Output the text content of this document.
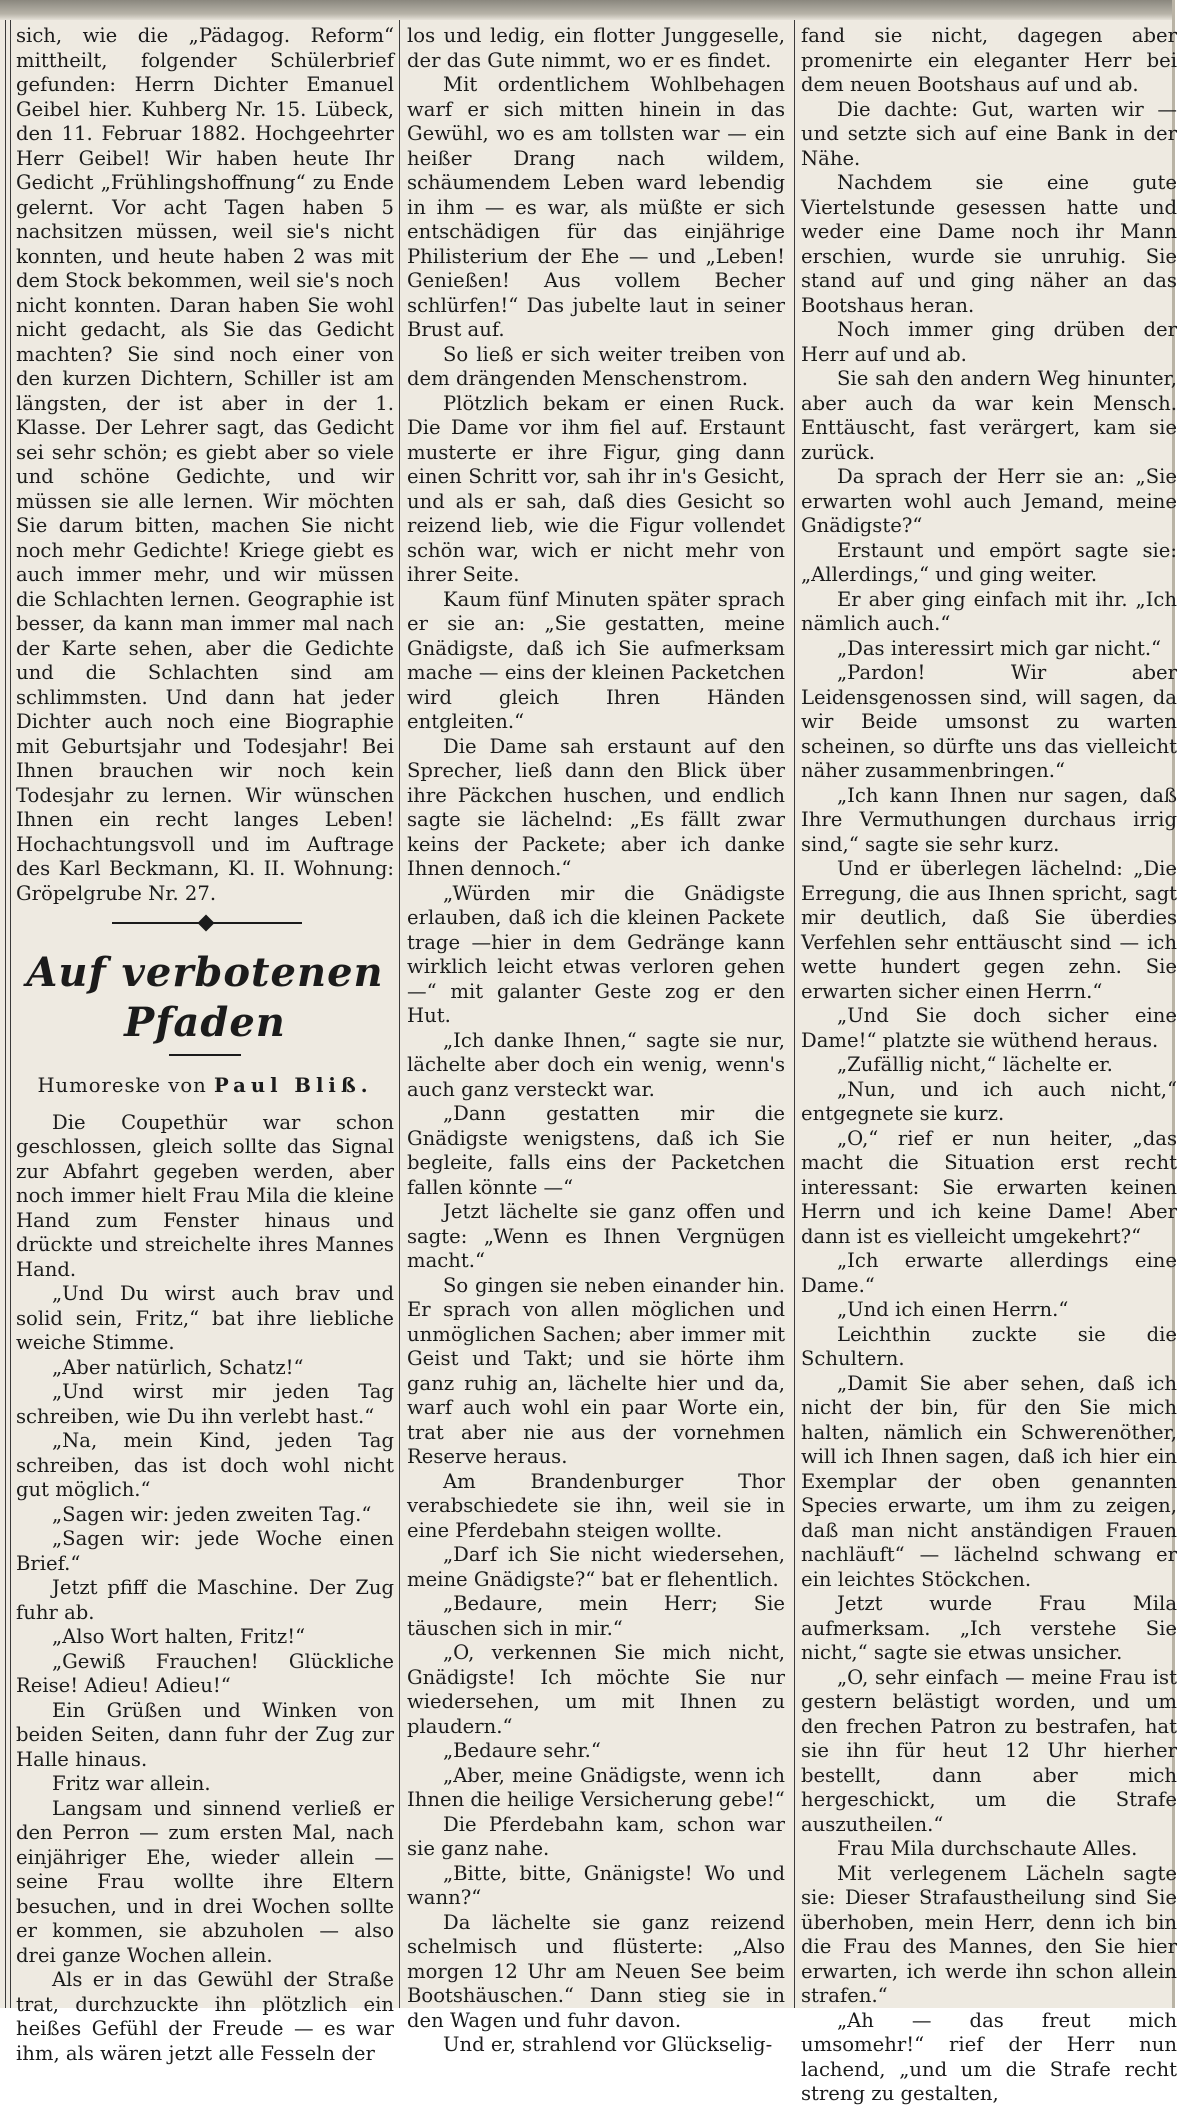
sich, wie die „Pädagog. Reform“ mittheilt, folgender Schülerbrief gefunden: Herrn Dichter Emanuel Geibel hier. Kuhberg Nr. 15. Lübeck, den 11. Februar 1882. Hochgeehrter Herr Geibel! Wir haben heute Ihr Gedicht „Frühlingshoffnung“ zu Ende gelernt. Vor acht Tagen haben 5 nachsitzen müssen, weil sie's nicht konnten, und heute haben 2 was mit dem Stock bekommen, weil sie's noch nicht konnten. Daran haben Sie wohl nicht gedacht, als Sie das Gedicht machten? Sie sind noch einer von den kurzen Dichtern, Schiller ist am längsten, der ist aber in der 1. Klasse. Der Lehrer sagt, das Gedicht sei sehr schön; es giebt aber so viele und schöne Gedichte, und wir müssen sie alle lernen. Wir möchten Sie darum bitten, machen Sie nicht noch mehr Gedichte! Kriege giebt es auch immer mehr, und wir müssen die Schlachten lernen. Geographie ist besser, da kann man immer mal nach der Karte sehen, aber die Gedichte und die Schlachten sind am schlimmsten. Und dann hat jeder Dichter auch noch eine Biographie mit Geburtsjahr und Todesjahr! Bei Ihnen brauchen wir noch kein Todesjahr zu lernen. Wir wünschen Ihnen ein recht langes Leben! Hochachtungsvoll und im Auftrage des Karl Beckmann, Kl. II. Wohnung: Gröpelgrube Nr. 27.

Auf verbotenen Pfaden
Humoreske von Paul Bliß.

Die Coupethür war schon geschlossen, gleich sollte das Signal zur Abfahrt gegeben werden, aber noch immer hielt Frau Mila die kleine Hand zum Fenster hinaus und drückte und streichelte ihres Mannes Hand.

„Und Du wirst auch brav und solid sein, Fritz,“ bat ihre liebliche weiche Stimme.

„Aber natürlich, Schatz!“

„Und wirst mir jeden Tag schreiben, wie Du ihn verlebt hast.“

„Na, mein Kind, jeden Tag schreiben, das ist doch wohl nicht gut möglich.“

„Sagen wir: jeden zweiten Tag.“

„Sagen wir: jede Woche einen Brief.“

Jetzt pfiff die Maschine. Der Zug fuhr ab.

„Also Wort halten, Fritz!“

„Gewiß Frauchen! Glückliche Reise! Adieu! Adieu!“

Ein Grüßen und Winken von beiden Seiten, dann fuhr der Zug zur Halle hinaus.

Fritz war allein.

Langsam und sinnend verließ er den Perron — zum ersten Mal, nach einjähriger Ehe, wieder allein — seine Frau wollte ihre Eltern besuchen, und in drei Wochen sollte er kommen, sie abzuholen — also drei ganze Wochen allein.

Als er in das Gewühl der Straße trat, durchzuckte ihn plötzlich ein heißes Gefühl der Freude — es war ihm, als wären jetzt alle Fesseln der

los und ledig, ein flotter Junggeselle, der das Gute nimmt, wo er es findet.

Mit ordentlichem Wohlbehagen warf er sich mitten hinein in das Gewühl, wo es am tollsten war — ein heißer Drang nach wildem, schäumendem Leben ward lebendig in ihm — es war, als müßte er sich entschädigen für das einjährige Philisterium der Ehe — und „Leben! Genießen! Aus vollem Becher schlürfen!“ Das jubelte laut in seiner Brust auf.

So ließ er sich weiter treiben von dem drängenden Menschenstrom.

Plötzlich bekam er einen Ruck. Die Dame vor ihm fiel auf. Erstaunt musterte er ihre Figur, ging dann einen Schritt vor, sah ihr in's Gesicht, und als er sah, daß dies Gesicht so reizend lieb, wie die Figur vollendet schön war, wich er nicht mehr von ihrer Seite.

Kaum fünf Minuten später sprach er sie an: „Sie gestatten, meine Gnädigste, daß ich Sie aufmerksam mache — eins der kleinen Packetchen wird gleich Ihren Händen entgleiten.“

Die Dame sah erstaunt auf den Sprecher, ließ dann den Blick über ihre Päckchen huschen, und endlich sagte sie lächelnd: „Es fällt zwar keins der Packete; aber ich danke Ihnen dennoch.“

„Würden mir die Gnädigste erlauben, daß ich die kleinen Packete trage —hier in dem Gedränge kann wirklich leicht etwas verloren gehen —“ mit galanter Geste zog er den Hut.

„Ich danke Ihnen,“ sagte sie nur, lächelte aber doch ein wenig, wenn's auch ganz versteckt war.

„Dann gestatten mir die Gnädigste wenigstens, daß ich Sie begleite, falls eins der Packetchen fallen könnte —“

Jetzt lächelte sie ganz offen und sagte: „Wenn es Ihnen Vergnügen macht.“

So gingen sie neben einander hin. Er sprach von allen möglichen und unmöglichen Sachen; aber immer mit Geist und Takt; und sie hörte ihm ganz ruhig an, lächelte hier und da, warf auch wohl ein paar Worte ein, trat aber nie aus der vornehmen Reserve heraus.

Am Brandenburger Thor verabschiedete sie ihn, weil sie in eine Pferdebahn steigen wollte.

„Darf ich Sie nicht wiedersehen, meine Gnädigste?“ bat er flehentlich.

„Bedaure, mein Herr; Sie täuschen sich in mir.“

„O, verkennen Sie mich nicht, Gnädigste! Ich möchte Sie nur wiedersehen, um mit Ihnen zu plaudern.“

„Bedaure sehr.“

„Aber, meine Gnädigste, wenn ich Ihnen die heilige Versicherung gebe!“

Die Pferdebahn kam, schon war sie ganz nahe.

„Bitte, bitte, Gnänigste! Wo und wann?“

Da lächelte sie ganz reizend schelmisch und flüsterte: „Also morgen 12 Uhr am Neuen See beim Bootshäuschen.“ Dann stieg sie in den Wagen und fuhr davon.

Und er, strahlend vor Glückselig-

fand sie nicht, dagegen aber promenirte ein eleganter Herr bei dem neuen Bootshaus auf und ab.

Die dachte: Gut, warten wir — und setzte sich auf eine Bank in der Nähe.

Nachdem sie eine gute Viertelstunde gesessen hatte und weder eine Dame noch ihr Mann erschien, wurde sie unruhig. Sie stand auf und ging näher an das Bootshaus heran.

Noch immer ging drüben der Herr auf und ab.

Sie sah den andern Weg hinunter, aber auch da war kein Mensch. Enttäuscht, fast verärgert, kam sie zurück.

Da sprach der Herr sie an: „Sie erwarten wohl auch Jemand, meine Gnädigste?“

Erstaunt und empört sagte sie: „Allerdings,“ und ging weiter.

Er aber ging einfach mit ihr. „Ich nämlich auch.“

„Das interessirt mich gar nicht.“

„Pardon! Wir aber Leidensgenossen sind, will sagen, da wir Beide umsonst zu warten scheinen, so dürfte uns das vielleicht näher zusammenbringen.“

„Ich kann Ihnen nur sagen, daß Ihre Vermuthungen durchaus irrig sind,“ sagte sie sehr kurz.

Und er überlegen lächelnd: „Die Erregung, die aus Ihnen spricht, sagt mir deutlich, daß Sie überdies Verfehlen sehr enttäuscht sind — ich wette hundert gegen zehn. Sie erwarten sicher einen Herrn.“

„Und Sie doch sicher eine Dame!“ platzte sie wüthend heraus.

„Zufällig nicht,“ lächelte er.

„Nun, und ich auch nicht,“ entgegnete sie kurz.

„O,“ rief er nun heiter, „das macht die Situation erst recht interessant: Sie erwarten keinen Herrn und ich keine Dame! Aber dann ist es vielleicht umgekehrt?“

„Ich erwarte allerdings eine Dame.“

„Und ich einen Herrn.“

Leichthin zuckte sie die Schultern.

„Damit Sie aber sehen, daß ich nicht der bin, für den Sie mich halten, nämlich ein Schwerenöther, will ich Ihnen sagen, daß ich hier ein Exemplar der oben genannten Species erwarte, um ihm zu zeigen, daß man nicht anständigen Frauen nachläuft“ — lächelnd schwang er ein leichtes Stöckchen.

Jetzt wurde Frau Mila aufmerksam. „Ich verstehe Sie nicht,“ sagte sie etwas unsicher.

„O, sehr einfach — meine Frau ist gestern belästigt worden, und um den frechen Patron zu bestrafen, hat sie ihn für heut 12 Uhr hierher bestellt, dann aber mich hergeschickt, um die Strafe auszutheilen.“

Frau Mila durchschaute Alles.

Mit verlegenem Lächeln sagte sie: Dieser Strafaustheilung sind Sie überhoben, mein Herr, denn ich bin die Frau des Mannes, den Sie hier erwarten, ich werde ihn schon allein strafen.“

„Ah — das freut mich umsomehr!“ rief der Herr nun lachend, „und um die Strafe recht streng zu gestalten,
